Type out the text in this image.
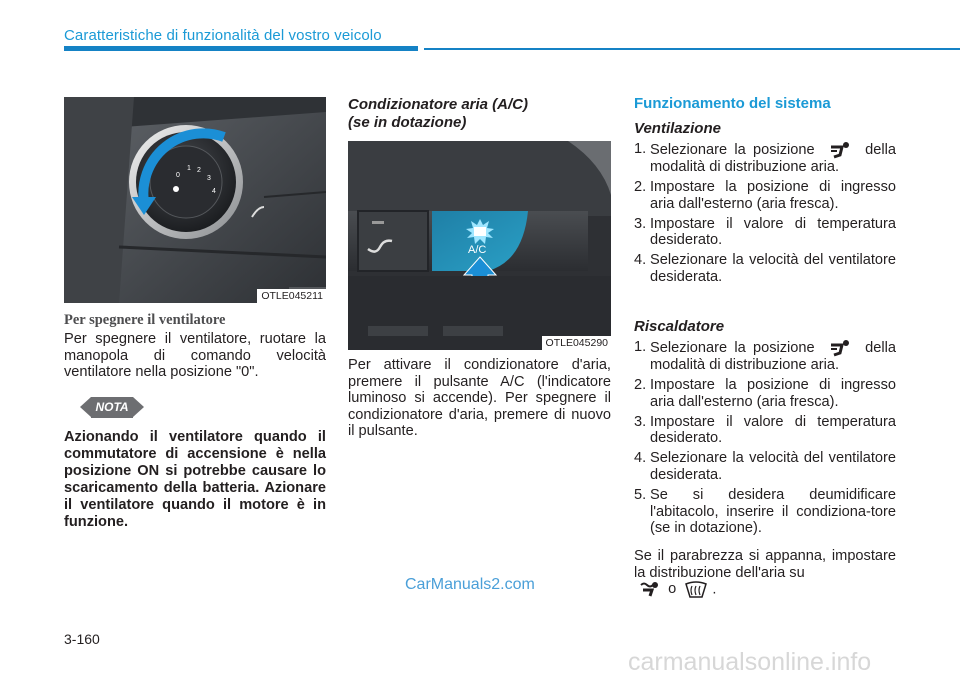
Caratteristiche di funzionalità del vostro veicolo
0
1 2
3
4
OTLE045211
Per spegnere il ventilatore
Per spegnere il ventilatore, ruotare la manopola di comando velocità ventilatore nella posizione "0".
NOTA
Azionando il ventilatore quando il commutatore di accensione è nella posizione ON si potrebbe causare lo scaricamento della batteria. Azionare il ventilatore quando il motore è in funzione.
Condizionatore aria (A/C)
(se in dotazione)
A/C
OTLE045290
Per attivare il condizionatore d'aria, premere il pulsante A/C (l'indicatore luminoso si accende). Per spegnere il condizionatore d'aria, premere di nuovo il pulsante.
Funzionamento del sistema
Ventilazione
1. Selezionare la posizione	della modalità di distribuzione aria.
2. Impostare la posizione di ingresso aria dall'esterno (aria fresca).
3. Impostare il valore di temperatura desiderato.
4. Selezionare la velocità del ventilatore desiderata.
Riscaldatore
1. Selezionare la posizione	della modalità di distribuzione aria.
2. Impostare la posizione di ingresso aria dall'esterno (aria fresca).
3. Impostare il valore di temperatura desiderato.
4. Selezionare la velocità del ventilatore desiderata.
5. Se si desidera deumidificare l'abitacolo, inserire il condiziona-tore (se in dotazione).
Se il parabrezza si appanna, impostare la distribuzione dell'aria su
o .
CarManuals2.com
3-160
carmanualsonline.info
